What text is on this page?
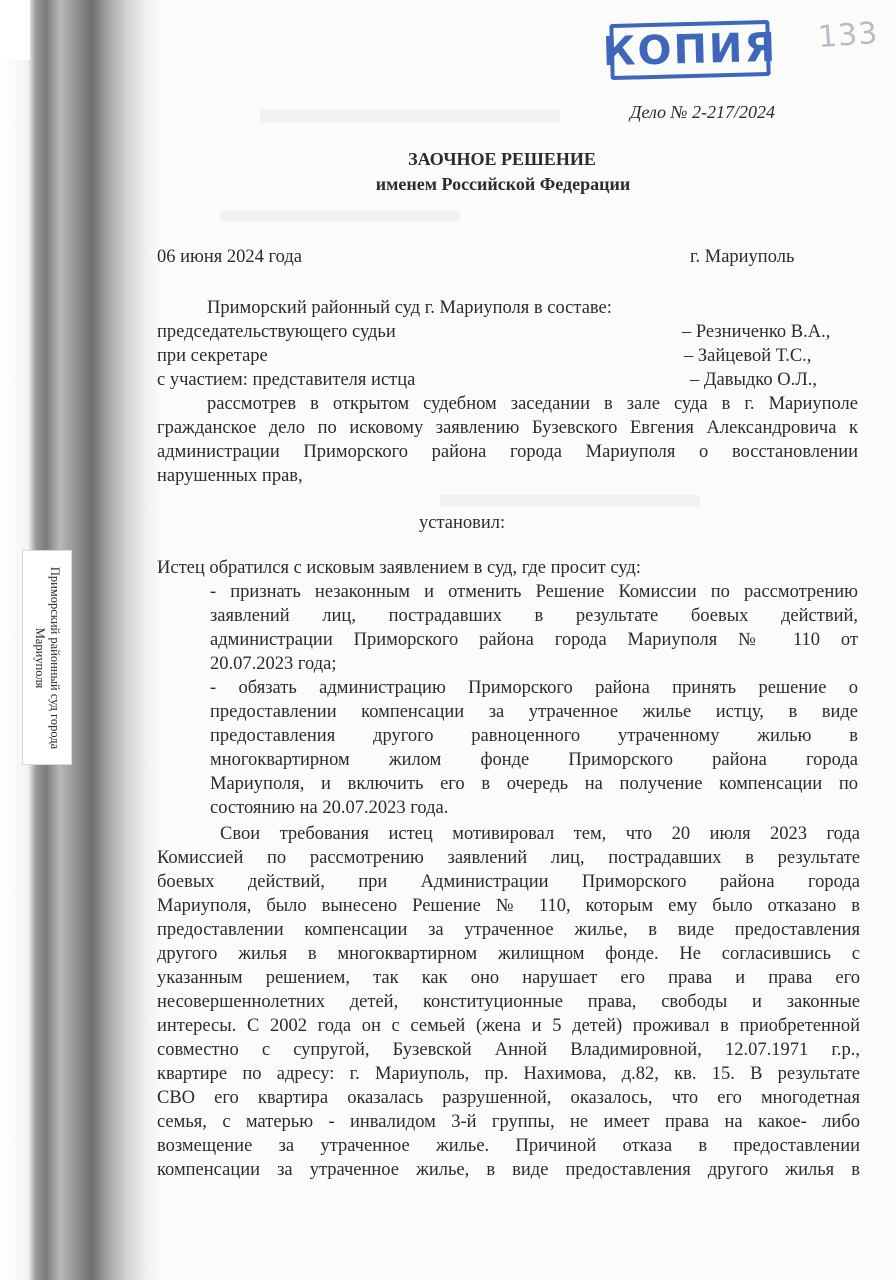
КОПИЯ 133
Дело № 2-217/2024
ЗАОЧНОЕ РЕШЕНИЕ
именем Российской Федерации
06 июня 2024 года	г. Мариуполь
Приморский районный суд г. Мариуполя в составе:
председательствующего судьи	– Резниченко В.А.,
при секретаре	– Зайцевой Т.С.,
с участием: представителя истца	– Давыдко О.Л.,
рассмотрев в открытом судебном заседании в зале суда в г. Мариуполе
гражданское дело по исковому заявлению Бузевского Евгения Александровича к
администрации Приморского района города Мариуполя о восстановлении
нарушенных прав,
установил:
Истец обратился с исковым заявлением в суд, где просит суд:
- признать незаконным и отменить Решение Комиссии по рассмотрению
заявлений лиц, пострадавших в результате боевых действий,
администрации Приморского района города Мариуполя № 110 от
20.07.2023 года;
- обязать администрацию Приморского района принять решение о
предоставлении компенсации за утраченное жилье истцу, в виде
предоставления другого равноценного утраченному жилью в
многоквартирном жилом фонде Приморского района города
Мариуполя, и включить его в очередь на получение компенсации по
состоянию на 20.07.2023 года.
Свои требования истец мотивировал тем, что 20 июля 2023 года
Комиссией по рассмотрению заявлений лиц, пострадавших в результате
боевых действий, при Администрации Приморского района города
Мариуполя, было вынесено Решение № 110, которым ему было отказано в
предоставлении компенсации за утраченное жилье, в виде предоставления
другого жилья в многоквартирном жилищном фонде. Не согласившись с
указанным решением, так как оно нарушает его права и права его
несовершеннолетних детей, конституционные права, свободы и законные
интересы. С 2002 года он с семьей (жена и 5 детей) проживал в приобретенной
совместно с супругой, Бузевской Анной Владимировной, 12.07.1971 г.р.,
квартире по адресу: г. Мариуполь, пр. Нахимова, д.82, кв. 15. В результате
СВО его квартира оказалась разрушенной, оказалось, что его многодетная
семья, с матерью - инвалидом 3-й группы, не имеет права на какое- либо
возмещение за утраченное жилье. Причиной отказа в предоставлении
компенсации за утраченное жилье, в виде предоставления другого жилья в
Приморский районный суд города Мариуполя
